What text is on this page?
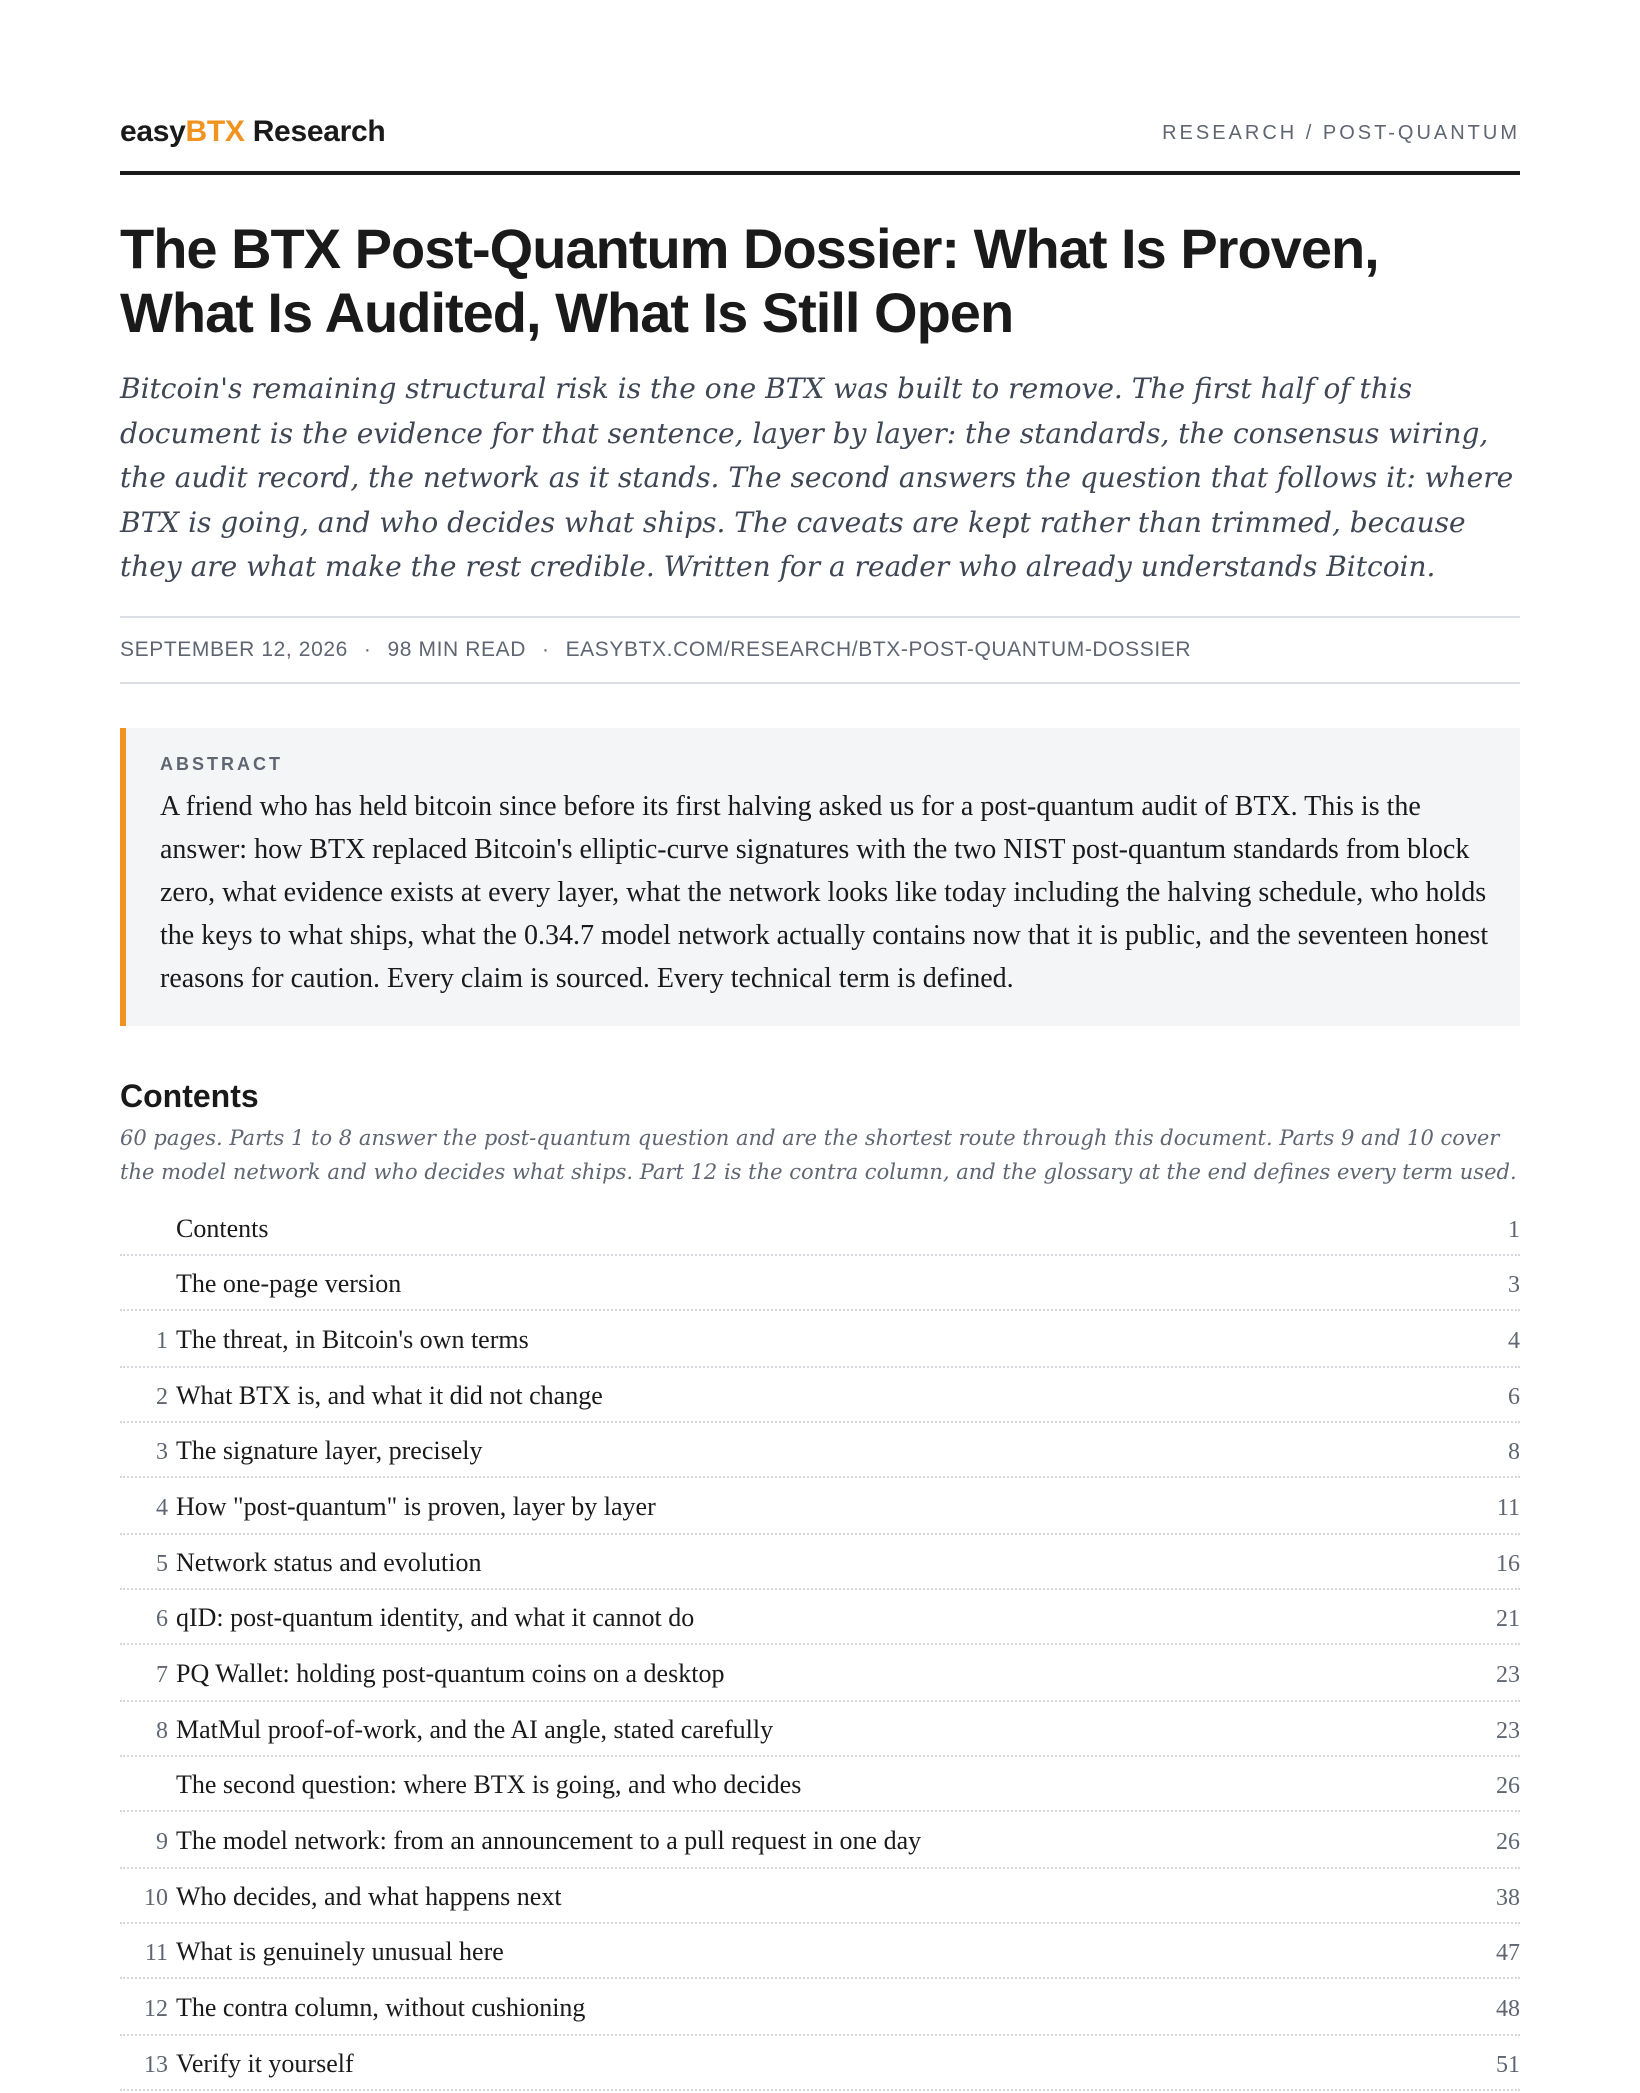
easyBTX Research	RESEARCH / POST-QUANTUM
The BTX Post-Quantum Dossier: What Is Proven, What Is Audited, What Is Still Open

Bitcoin's remaining structural risk is the one BTX was built to remove. The first half of this document is the evidence for that sentence, layer by layer: the standards, the consensus wiring, the audit record, the network as it stands. The second answers the question that follows it: where BTX is going, and who decides what ships. The caveats are kept rather than trimmed, because they are what make the rest credible. Written for a reader who already understands Bitcoin.

SEPTEMBER 12, 2026 · 98 MIN READ · EASYBTX.COM/RESEARCH/BTX-POST-QUANTUM-DOSSIER
ABSTRACT
A friend who has held bitcoin since before its first halving asked us for a post-quantum audit of BTX. This is the answer: how BTX replaced Bitcoin's elliptic-curve signatures with the two NIST post-quantum standards from block zero, what evidence exists at every layer, what the network looks like today including the halving schedule, who holds the keys to what ships, what the 0.34.7 model network actually contains now that it is public, and the seventeen honest reasons for caution. Every claim is sourced. Every technical term is defined.
Contents
60 pages. Parts 1 to 8 answer the post-quantum question and are the shortest route through this document. Parts 9 and 10 cover the model network and who decides what ships. Part 12 is the contra column, and the glossary at the end defines every term used.
Contents	1
The one-page version	3
1 The threat, in Bitcoin's own terms	4
2 What BTX is, and what it did not change	6
3 The signature layer, precisely	8
4 How "post-quantum" is proven, layer by layer	11
5 Network status and evolution	16
6 qID: post-quantum identity, and what it cannot do	21
7 PQ Wallet: holding post-quantum coins on a desktop	23
8 MatMul proof-of-work, and the AI angle, stated carefully	23
The second question: where BTX is going, and who decides	26
9 The model network: from an announcement to a pull request in one day	26
10 Who decides, and what happens next	38
11 What is genuinely unusual here	47
12 The contra column, without cushioning	48
13 Verify it yourself	51
